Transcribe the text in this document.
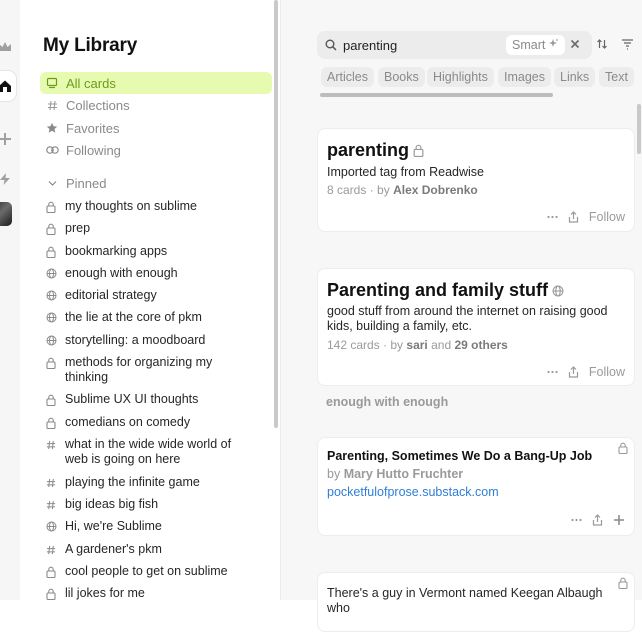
My Library
All cards
Collections
Favorites
Following
Pinned
my thoughts on sublime
prep
bookmarking apps
enough with enough
editorial strategy
the lie at the core of pkm
storytelling: a moodboard
methods for organizing my thinking
Sublime UX UI thoughts
comedians on comedy
what in the wide wide world of web is going on here
playing the infinite game
big ideas big fish
Hi, we're Sublime
A gardener's pkm
cool people to get on sublime
lil jokes for me
parenting	Smart
Articles	Books	Highlights	Images	Links	Text
parenting
Imported tag from Readwise
8 cards · by Alex Dobrenko
Follow
Parenting and family stuff
good stuff from around the internet on raising good kids, building a family, etc.
142 cards · by sari and 29 others
Follow
enough with enough
Parenting, Sometimes We Do a Bang-Up Job
by Mary Hutto Fruchter
pocketfulofprose.substack.com
There's a guy in Vermont named Keegan Albaugh who
